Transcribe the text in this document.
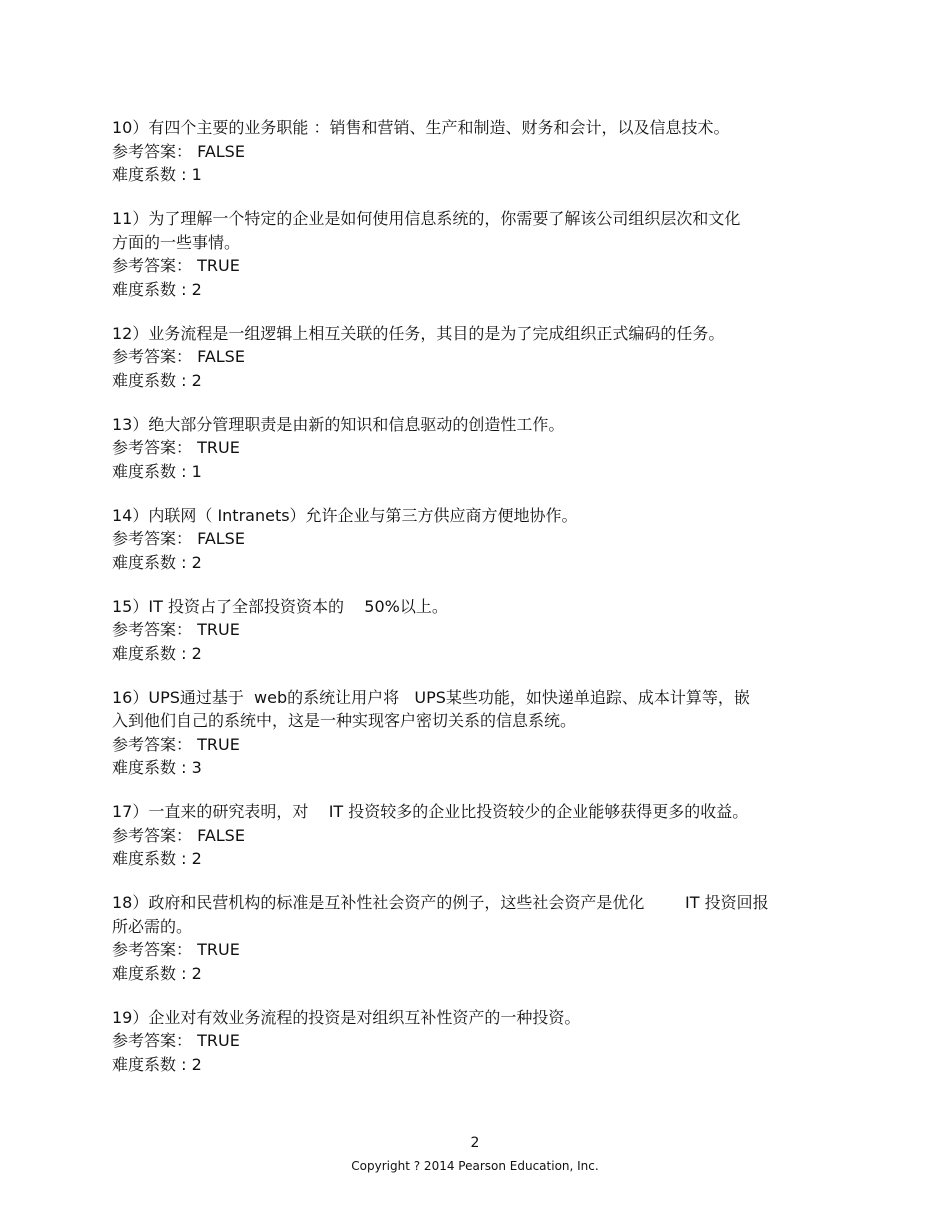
10）有四个主要的业务职能 ：销售和营销、生产和制造、财务和会计，以及信息技术。

参考答案： FALSE

难度系数 : 1

11）为了理解一个特定的企业是如何使用信息系统的，你需要了解该公司组织层次和文化
方面的一些事情。

参考答案： TRUE

难度系数 : 2

12）业务流程是一组逻辑上相互关联的任务，其目的是为了完成组织正式编码的任务。

参考答案： FALSE

难度系数 : 2

13）绝大部分管理职责是由新的知识和信息驱动的创造性工作。

参考答案： TRUE

难度系数 : 1

14）内联网（ Intranets）允许企业与第三方供应商方便地协作。

参考答案： FALSE

难度系数 : 2

15）IT 投资占了全部投资资本的    50%以上。

参考答案： TRUE

难度系数 : 2

16）UPS通过基于  web的系统让用户将   UPS某些功能，如快递单追踪、成本计算等，嵌
入到他们自己的系统中，这是一种实现客户密切关系的信息系统。

参考答案： TRUE

难度系数 : 3

17）一直来的研究表明，对    IT 投资较多的企业比投资较少的企业能够获得更多的收益。

参考答案： FALSE

难度系数 : 2

18）政府和民营机构的标准是互补性社会资产的例子，这些社会资产是优化        IT 投资回报
所必需的。

参考答案： TRUE

难度系数 : 2

19）企业对有效业务流程的投资是对组织互补性资产的一种投资。

参考答案： TRUE

难度系数 : 2

2
Copyright ? 2014 Pearson Education, Inc.
